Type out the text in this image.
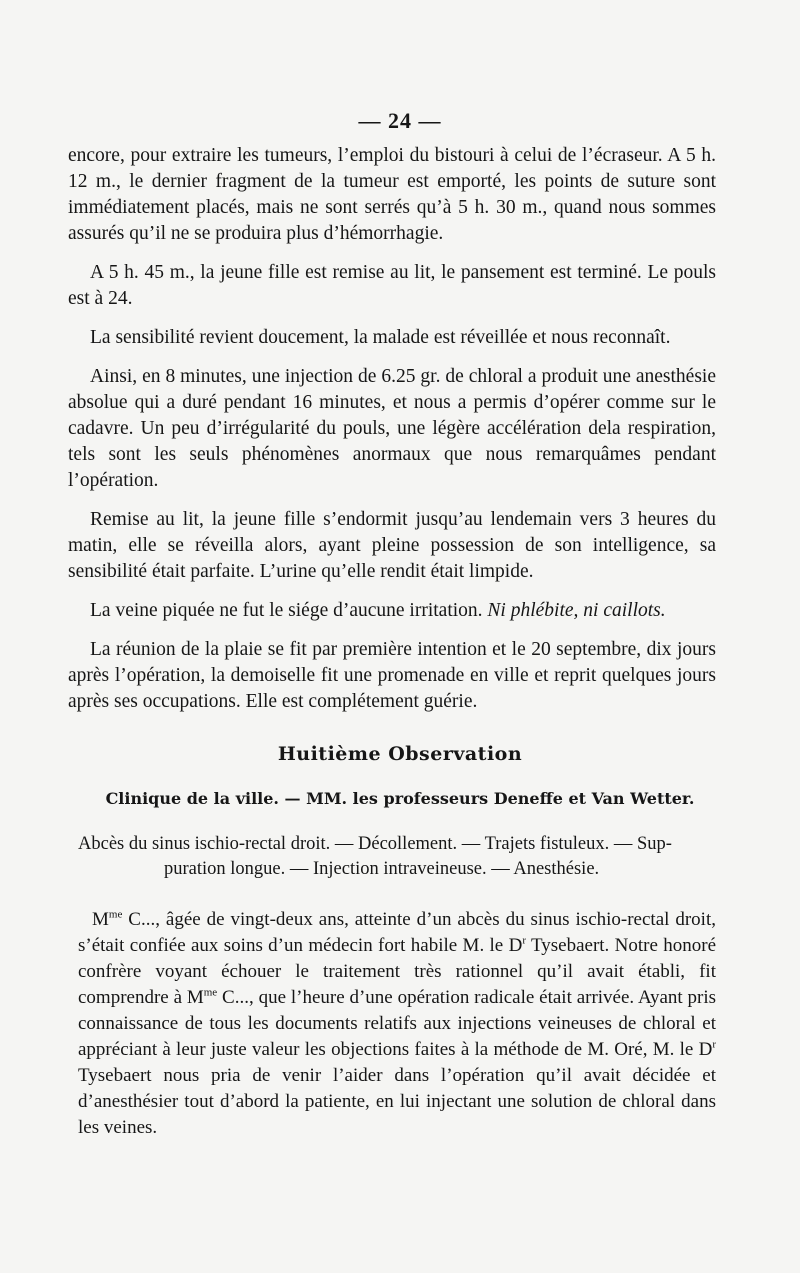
— 24 —

encore, pour extraire les tumeurs, l’emploi du bistouri à celui de l’écraseur. A 5 h. 12 m., le dernier fragment de la tumeur est emporté, les points de suture sont immédiatement placés, mais ne sont serrés qu’à 5 h. 30 m., quand nous sommes assurés qu’il ne se produira plus d’hémorrhagie.

A 5 h. 45 m., la jeune fille est remise au lit, le pansement est terminé. Le pouls est à 24.

La sensibilité revient doucement, la malade est réveillée et nous reconnaît.

Ainsi, en 8 minutes, une injection de 6.25 gr. de chloral a produit une anesthésie absolue qui a duré pendant 16 minutes, et nous a permis d’opérer comme sur le cadavre. Un peu d’irrégularité du pouls, une légère accélération dela respiration, tels sont les seuls phénomènes anormaux que nous remarquâmes pendant l’opération.

Remise au lit, la jeune fille s’endormit jusqu’au lendemain vers 3 heures du matin, elle se réveilla alors, ayant pleine possession de son intelligence, sa sensibilité était parfaite. L’urine qu’elle rendit était limpide.

La veine piquée ne fut le siége d’aucune irritation. Ni phlébite, ni caillots.

La réunion de la plaie se fit par première intention et le 20 septembre, dix jours après l’opération, la demoiselle fit une promenade en ville et reprit quelques jours après ses occupations. Elle est complétement guérie.

Huitième Observation
Clinique de la ville. — MM. les professeurs Deneffe et Van Wetter.
Abcès du sinus ischio-rectal droit. — Décollement. — Trajets fistuleux. — Sup-
puration longue. — Injection intraveineuse. — Anesthésie.

$M^{me}$ C..., âgée de vingt-deux ans, atteinte d’un abcès du sinus ischio-rectal droit, s’était confiée aux soins d’un médecin fort habile M. le $D^r$ Tysebaert. Notre honoré confrère voyant échouer le traitement très rationnel qu’il avait établi, fit comprendre à $M^{me}$ C..., que l’heure d’une opération radicale était arrivée. Ayant pris connaissance de tous les documents relatifs aux injections veineuses de chloral et appréciant à leur juste valeur les objections faites à la méthode de M. Oré, M. le $D^r$ Tysebaert nous pria de venir l’aider dans l’opération qu’il avait décidée et d’anesthésier tout d’abord la patiente, en lui injectant une solution de chloral dans les veines.
